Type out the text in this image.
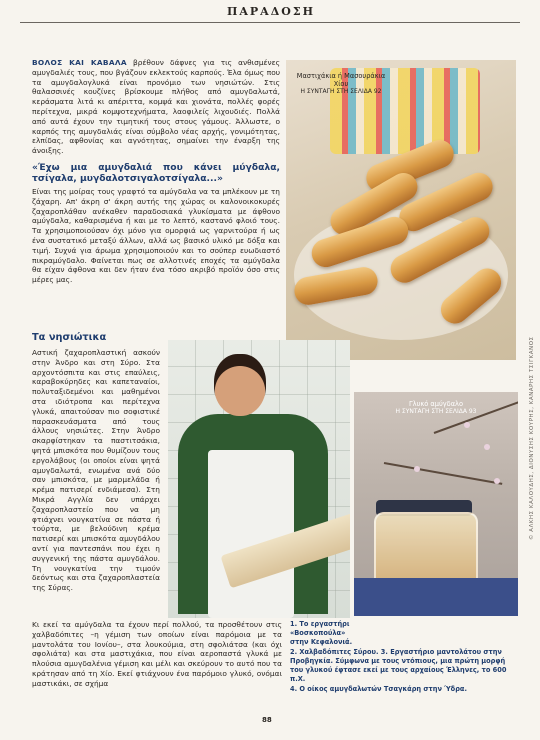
ΠΑΡΑΔΟΣΗ

ΒΟΛΟΣ ΚΑΙ ΚΑΒΑΛΑ βρέθουν δάφνες για τις ανθισμένες αμυγδαλιές τους, που βγάζουν εκλεκτούς καρπούς. Έλα όμως που τα αμυγδαλογλυκά είναι προνόμιο των νησιώτών. Στις θαλασσινές κουζίνες βρίσκουμε πλήθος από αμυγδαλωτά, κεράσματα λιτά κι απέριττα, κομψά και χιονάτα, πολλές φορές περίτεχνα, μικρά κομψοτεχνήματα, λαοφιλείς λιχουδιές. Πολλά από αυτά έχουν την τιμητική τους στους γάμους. Άλλωστε, ο καρπός της αμυγδαλιάς είναι σύμβολο νέας αρχής, γονιμότητας, ελπίδας, αφθονίας και αγνότητας, σημαίνει την έναρξη της άνοιξης.

«Έχω μια αμυγδαλιά που κάνει μύγδαλα, τσίγαλα, μυγδαλοτσιγαλοτσίγαλα...»

Είναι της μοίρας τους γραφτό τα αμύγδαλα να τα μπλέκουν με τη ζάχαρη. Απ' άκρη σ' άκρη αυτής της χώρας οι καλονοικοκυρές ζαχαροπλάθαν ανέκαθεν παραδοσιακά γλυκίσματα με άφθονο αμύγδαλα, καθαρισμένα ή και με το λεπτό, καστανό φλοιό τους. Τα χρησιμοποιούσαν όχι μόνο για ομορφιά ως γαρνιτούρα ή ως ένα συστατικό μεταξύ άλλων, αλλά ως βασικό υλικό με δόξα και τιμή. Συχνά για άρωμα χρησιμοποιούν και το σούπερ ευωδιαστό πικραμύγδαλο. Φαίνεται πως σε αλλοτινές εποχές τα αμύγδαλα θα είχαν άφθονα και δεν ήταν ένα τόσο ακριβό προϊόν όσο στις μέρες μας.

Τα νησιώτικα
Αστική ζαχαροπλαστική ασκούν στην Άνδρο και στη Σύρο. Στα αρχοντόσπιτα και στις επαύλεις, καραβοκύρηδες και καπεταναίοι, πολυταξιδεμένοι και μαθημένοι στα ιδιότροπα και περίτεχνα γλυκά, απαιτούσαν πιο σοφιστικέ παρασκευάσματα από τους άλλους νησιώτες. Στην Άνδρο σκαρφίστηκαν τα παστιτσάκια, ψητά μπισκότα που θυμίζουν τους εργολάβους (οι οποίοι είναι ψητά αμυγδαλωτά, ενωμένα ανά δύο σαν μπισκότα, με μαρμελάδα ή κρέμα πατισερί ενδιάμεσα). Στη Μικρά Αγγλία δεν υπάρχει ζαχαροπλαστείο που να μη φτιάχνει νουγκατίνα σε πάστα ή τούρτα, με βελούδινη κρέμα πατισερί και μπισκότα αμυγδάλου αντί για παντεσπάνι που έχει η συγγενική της πάστα αμυγδάλου. Τη νουγκατίνα την τιμούν δεόντως και στα ζαχαροπλαστεία της Σύρας.
Κι εκεί τα αμύγδαλα τα έχουν περί πολλού, τα προσθέτουν στις χαλβαδόπιτες –η γέμιση των οποίων είναι παρόμοια με τα μαντολάτα του Ιονίου–, στα λουκούμια, στη σφολιάτσα (και όχι σφολιάτα) και στα μαστιχάκια, που είναι αεροπαστά γλυκά με πλούσια αμυγδαλένια γέμιση και μέλι και σκεύρουν το αυτό που τα κράτησαν από τη Χίο. Εκεί φτιάχνουν ένα παρόμοιο γλυκό, ονόμαι μαστικάκι, σε σχήμα
Μαστιχάκια ή Μασουράκια Χίου
Η ΣΥΝΤΑΓΗ ΣΤΗ ΣΕΛΙΔΑ 92
Γλυκό αμύγδαλο
Η ΣΥΝΤΑΓΗ ΣΤΗ ΣΕΛΙΔΑ 93
1. Το εργαστήρι «Βοσκοπούλα» στην Κεφαλονιά.
2. Χαλβαδόπιτες Σύρου. 3. Εργαστήριο μαντολάτου στην Προβηγκία. Σύμφωνα με τους ντόπιους, μια πρώτη μορφή του γλυκού έφτασε εκεί με τους αρχαίους Έλληνες, το 600 π.Χ.
4. Ο οίκος αμυγδαλωτών Τσαγκάρη στην Ύδρα.
© ΑΛΚΗΣ ΚΑΛΟΥΔΗΣ, ΔΙΟΝΥΣΗΣ ΚΟΥΡΗΣ, ΚΑΝΑΡΗΣ ΤΣΙΓΚΑΝΟΣ
88
